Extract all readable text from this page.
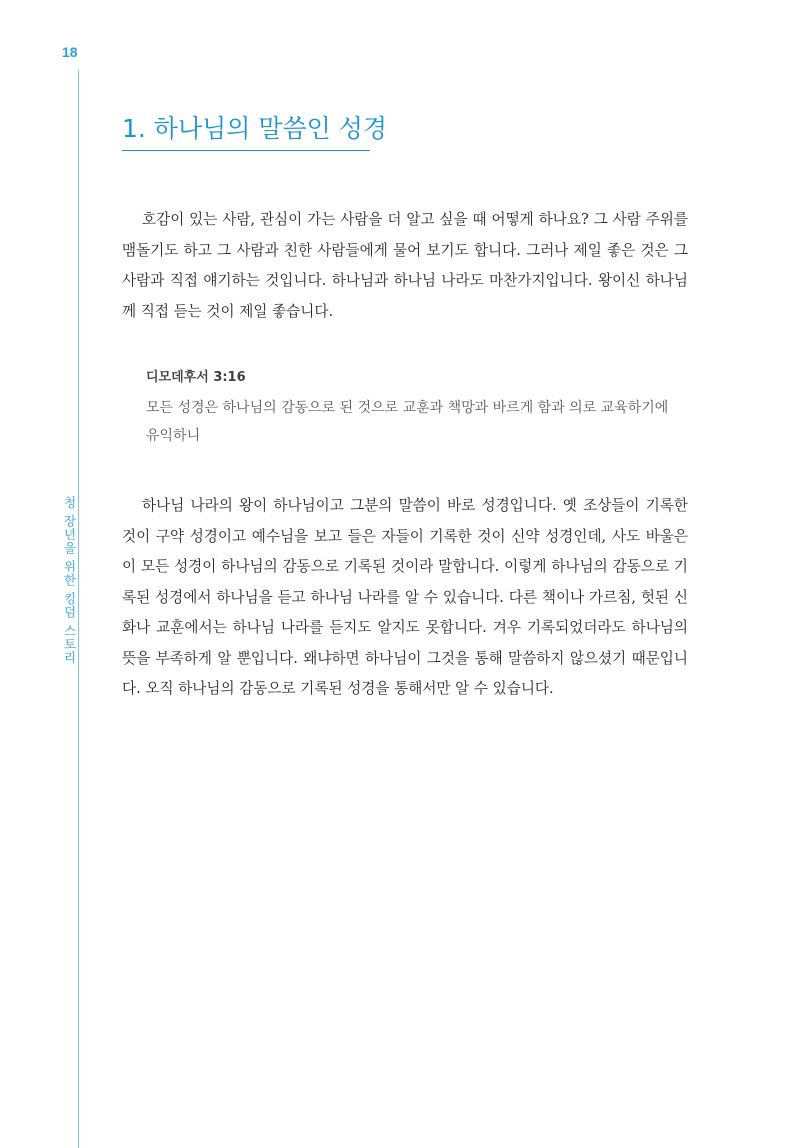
18
청 장년을 위한 킹덤 스토리
1. 하나님의 말씀인 성경

호감이 있는 사람, 관심이 가는 사람을 더 알고 싶을 때 어떻게 하나요? 그 사람 주위를 맴돌기도 하고 그 사람과 친한 사람들에게 물어 보기도 합니다. 그러나 제일 좋은 것은 그 사람과 직접 얘기하는 것입니다. 하나님과 하나님 나라도 마찬가지입니다. 왕이신 하나님께 직접 듣는 것이 제일 좋습니다.

디모데후서 3:16

모든 성경은 하나님의 감동으로 된 것으로 교훈과 책망과 바르게 함과 의로 교육하기에 유익하니

하나님 나라의 왕이 하나님이고 그분의 말씀이 바로 성경입니다. 옛 조상들이 기록한 것이 구약 성경이고 예수님을 보고 들은 자들이 기록한 것이 신약 성경인데, 사도 바울은 이 모든 성경이 하나님의 감동으로 기록된 것이라 말합니다. 이렇게 하나님의 감동으로 기록된 성경에서 하나님을 듣고 하나님 나라를 알 수 있습니다. 다른 책이나 가르침, 헛된 신화나 교훈에서는 하나님 나라를 듣지도 알지도 못합니다. 겨우 기록되었더라도 하나님의 뜻을 부족하게 알 뿐입니다. 왜냐하면 하나님이 그것을 통해 말씀하지 않으셨기 때문입니다. 오직 하나님의 감동으로 기록된 성경을 통해서만 알 수 있습니다.
